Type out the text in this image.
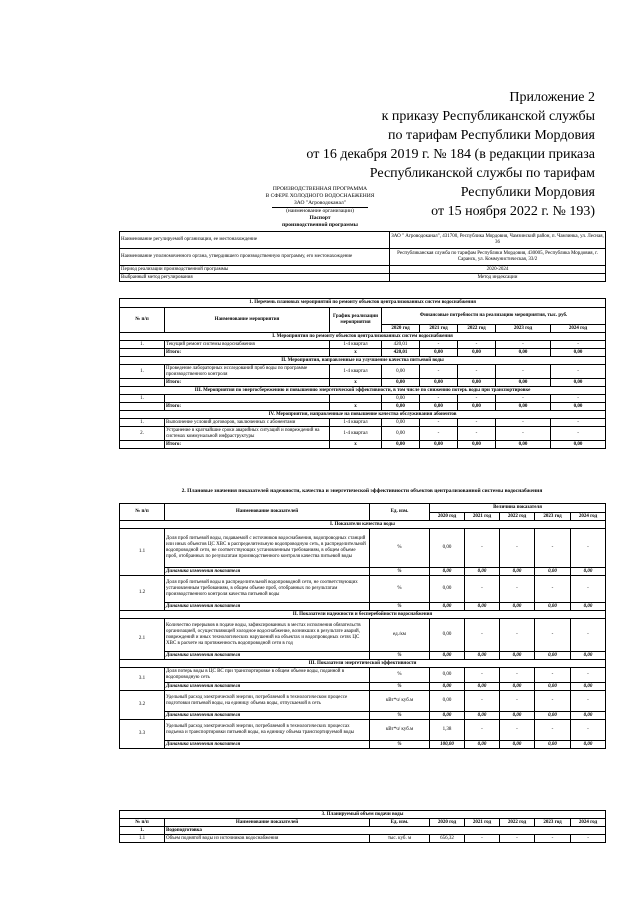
Приложение 2
к приказу Республиканской службы
по тарифам Республики Мордовия
от 16 декабря 2019 г. № 184 (в редакции приказа
Республиканской службы по тарифам
Республики Мордовия
от 15 ноября 2022 г. № 193)
ПРОИЗВОДСТВЕННАЯ ПРОГРАММА
В СФЕРЕ ХОЛОДНОГО ВОДОСНАБЖЕНИЯ
ЗАО "Агроводоканал"
(наименование организации)
Паспорт
производственной программы
Наименование регулируемой организации, ее местонахождение	ЗАО " Агроводоканал", 431700, Республика Мордовия, Чамзинский район, п. Чамзинка, ул. Лесная, 36
Наименование уполномоченного органа, утвердившего производственную программу, его местонахождение	Республиканская служба по тарифам Республики Мордовия, 430005, Республика Мордовия, г. Саранск, ул. Коммунистическая, 33/2
Период реализации производственной программы	2020-2024
Выбранный метод регулирования	Метод индексации
1. Перечень плановых мероприятий по ремонту объектов централизованных систем водоснабжения							
№ п/п	Наименование мероприятия	График реализации мероприятия	Финансовые потребности на реализацию мероприятия, тыс. руб.				
			2020 год	2021 год	2022 год	2023 год	2024 год
I. Мероприятия по ремонту объектов централизованных систем водоснабжения							
1.	Текущий ремонт системы водоснабжения	1-4 квартал	420,01	-	-	-	-
	Итого:	х	420,01	0,00	0,00	0,00	0,00
II. Мероприятия, направленные на улучшение качества питьевой воды							
1.	Проведение лабораторных исследований проб воды по программе производственного контроля	1-4 квартал	0,00	-	-	-	-
	Итого:	х	0,00	0,00	0,00	0,00	0,00
III. Мероприятия по энергосбережению и повышению энергетической эффективности, в том числе по снижению потерь воды при транспортировке							
1.			0,00	-	-	-	-
	Итого:	х	0,00	0,00	0,00	0,00	0,00
IV. Мероприятия, направленные на повышение качества обслуживания абонентов							
1.	Выполнение условий договоров, заключенных с абонентами	1-4 квартал	0,00	-	-	-	-
2.	Устранение в кратчайшие сроки аварийных ситуаций и повреждений на системах коммунальной инфраструктуры	1-4 квартал	0,00	-	-	-	-
	Итого:	х	0,00	0,00	0,00	0,00	0,00
2. Плановые значения показателей надежности, качества и энергетической эффективности объектов централизованной системы водоснабжения
№ п/п	Наименование показателей	Ед. изм.	Величина показателя				
			2020 год	2021 год	2022 год	2023 год	2024 год
I. Показатели качества воды							
1.1	Доля проб питьевой воды, подаваемой с источников водоснабжения, водопроводных станций или иных объектов ЦС ХВС в распределительную водопроводную сеть, в распределительной водопроводной сети, не соответствующих установленным требованиям, в общем объеме проб, отобранных по результатам производственного контроля качества питьевой воды	%	0,00	-	-	-	-
	Динамика изменения показателя	%	0,00	0,00	0,00	0,00	0,00
1.2	Доля проб питьевой воды в распределительной водопроводной сети, не соответствующих установленным требованиям, в общем объеме проб, отобранных по результатам производственного контроля качества питьевой воды	%	0,00	-	-	-	-
	Динамика изменения показателя	%	0,00	0,00	0,00	0,00	0,00
II. Показатели надежности и бесперебойности водоснабжения							
2.1	Количество перерывов в подаче воды, зафиксированных в местах исполнения обязательств организацией, осуществляющей холодное водоснабжение, возникших в результате аварий, повреждений и иных технологических нарушений на объектах и водопроводных сетях ЦС ХВС в расчете на протяженность водопроводной сети в год	ед./км	0,00	-	-	-	-
	Динамика изменения показателя	%	0,00	0,00	0,00	0,00	0,00
III. Показатели энергетической эффективности							
3.1	Доля потерь воды в ЦС ВС при транспортировке в общем объеме воды, поданной в водопроводную сеть	%	0,00	-	-	-	-
	Динамика изменения показателя	%	0,00	0,00	0,00	0,00	0,00
3.2	Удельный расход электрической энергии, потребляемой в технологическом процессе подготовки питьевой воды, на единицу объема воды, отпускаемой в сеть	кВт*ч/ куб.м	0,00	-	-	-	-
	Динамика изменения показателя	%	0,00	0,00	0,00	0,00	0,00
3.3	Удельный расход электрической энергии, потребляемой в технологических процессах подъема и транспортировки питьевой воды, на единицу объема транспортируемой воды	кВт*ч/ куб.м	1,38	-	-	-	-
	Динамика изменения показателя	%	100,00	0,00	0,00	0,00	0,00
3. Планируемый объем подачи воды							
№ п/п	Наименование показателей	Ед. изм.	2020 год	2021 год	2022 год	2023 год	2024 год
1.	Водоподготовка						
1.1	Объем поднятой воды из источников водоснабжения	тыс. куб. м	656,32	-	-	-	-
